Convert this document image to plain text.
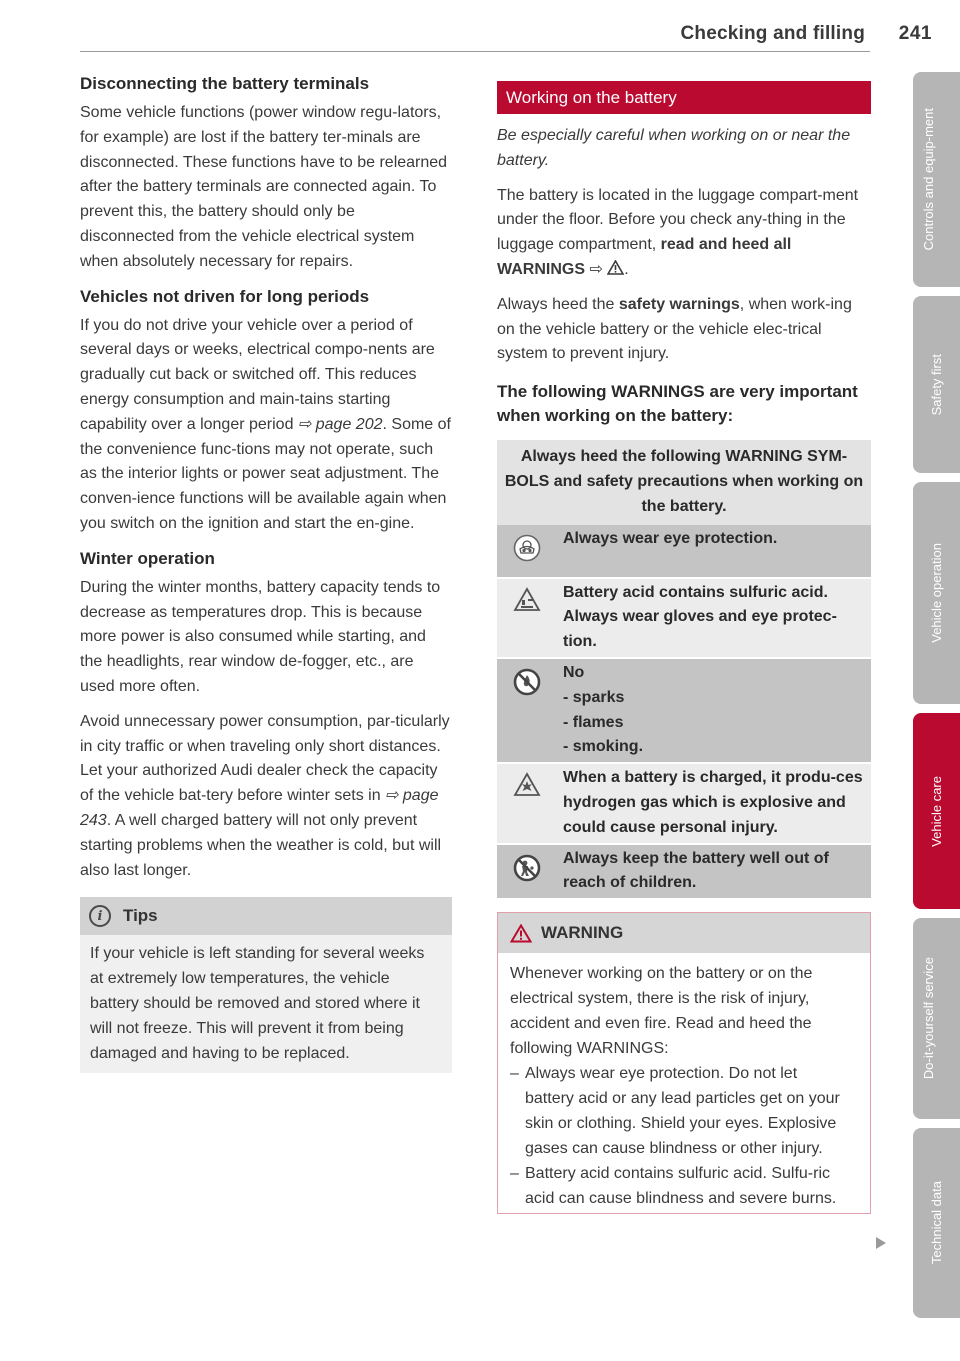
Checking and filling 241
Disconnecting the battery terminals

Some vehicle functions (power window regu-lators, for example) are lost if the battery ter-minals are disconnected. These functions have to be relearned after the battery terminals are connected again. To prevent this, the battery should only be disconnected from the vehicle electrical system when absolutely necessary for repairs.

Vehicles not driven for long periods

If you do not drive your vehicle over a period of several days or weeks, electrical compo-nents are gradually cut back or switched off. This reduces energy consumption and main-tains starting capability over a longer period ⇨ page 202. Some of the convenience func-tions may not operate, such as the interior lights or power seat adjustment. The conven-ience functions will be available again when you switch on the ignition and start the en-gine.

Winter operation

During the winter months, battery capacity tends to decrease as temperatures drop. This is because more power is also consumed while starting, and the headlights, rear window de-fogger, etc., are used more often.

Avoid unnecessary power consumption, par-ticularly in city traffic or when traveling only short distances. Let your authorized Audi dealer check the capacity of the vehicle bat-tery before winter sets in ⇨ page 243. A well charged battery will not only prevent starting problems when the weather is cold, but will also last longer.

i	Tips

If your vehicle is left standing for several weeks at extremely low temperatures, the vehicle battery should be removed and stored where it will not freeze. This will prevent it from being damaged and having to be replaced.

Working on the battery

Be especially careful when working on or near the battery.

The battery is located in the luggage compart-ment under the floor. Before you check any-thing in the luggage compartment, read and heed all WARNINGS ⇨ .

Always heed the safety warnings, when work-ing on the vehicle battery or the vehicle elec-trical system to prevent injury.

The following WARNINGS are very important when working on the battery:
Always heed the following WARNING SYM-BOLS and safety precautions when working on the battery.
Always wear eye protection.
Battery acid contains sulfuric acid. Always wear gloves and eye protec-tion.
No
- sparks
- flames
- smoking.
When a battery is charged, it produ-ces hydrogen gas which is explosive and could cause personal injury.
Always keep the battery well out of reach of children.
WARNING

Whenever working on the battery or on the electrical system, there is the risk of injury, accident and even fire. Read and heed the following WARNINGS:

– Always wear eye protection. Do not let battery acid or any lead particles get on your skin or clothing. Shield your eyes. Explosive gases can cause blindness or other injury.
– Battery acid contains sulfuric acid. Sulfu-ric acid can cause blindness and severe burns.
Controls and equip-ment
Safety first
Vehicle operation
Vehicle care
Do-it-yourself service
Technical data
